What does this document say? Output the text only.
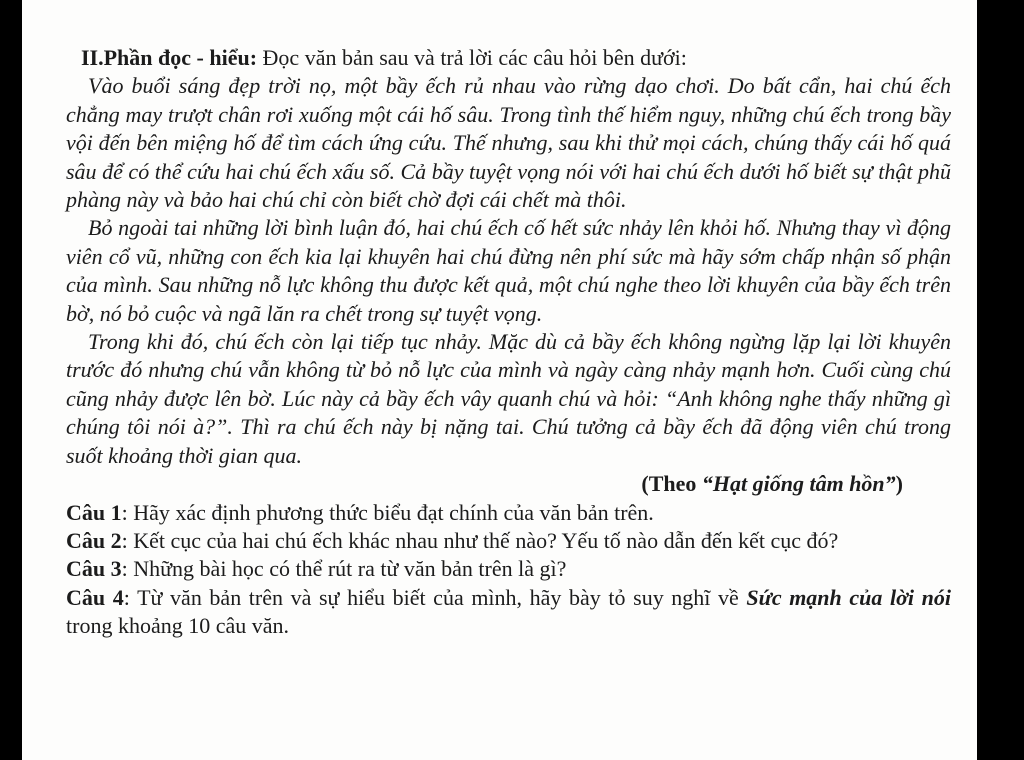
II.Phần đọc - hiểu: Đọc văn bản sau và trả lời các câu hỏi bên dưới:

Vào buổi sáng đẹp trời nọ, một bầy ếch rủ nhau vào rừng dạo chơi. Do bất cẩn, hai chú ếch chẳng may trượt chân rơi xuống một cái hố sâu. Trong tình thế hiểm nguy, những chú ếch trong bầy vội đến bên miệng hố để tìm cách ứng cứu. Thế nhưng, sau khi thử mọi cách, chúng thấy cái hố quá sâu để có thể cứu hai chú ếch xấu số. Cả bầy tuyệt vọng nói với hai chú ếch dưới hố biết sự thật phũ phàng này và bảo hai chú chỉ còn biết chờ đợi cái chết mà thôi.

Bỏ ngoài tai những lời bình luận đó, hai chú ếch cố hết sức nhảy lên khỏi hố. Nhưng thay vì động viên cổ vũ, những con ếch kia lại khuyên hai chú đừng nên phí sức mà hãy sớm chấp nhận số phận của mình. Sau những nỗ lực không thu được kết quả, một chú nghe theo lời khuyên của bầy ếch trên bờ, nó bỏ cuộc và ngã lăn ra chết trong sự tuyệt vọng.

Trong khi đó, chú ếch còn lại tiếp tục nhảy. Mặc dù cả bầy ếch không ngừng lặp lại lời khuyên trước đó nhưng chú vẫn không từ bỏ nỗ lực của mình và ngày càng nhảy mạnh hơn. Cuối cùng chú cũng nhảy được lên bờ. Lúc này cả bầy ếch vây quanh chú và hỏi: “Anh không nghe thấy những gì chúng tôi nói à?”. Thì ra chú ếch này bị nặng tai. Chú tưởng cả bầy ếch đã động viên chú trong suốt khoảng thời gian qua.

(Theo “Hạt giống tâm hồn”)

Câu 1: Hãy xác định phương thức biểu đạt chính của văn bản trên.

Câu 2: Kết cục của hai chú ếch khác nhau như thế nào? Yếu tố nào dẫn đến kết cục đó?

Câu 3: Những bài học có thể rút ra từ văn bản trên là gì?

Câu 4: Từ văn bản trên và sự hiểu biết của mình, hãy bày tỏ suy nghĩ về Sức mạnh của lời nói trong khoảng 10 câu văn.
